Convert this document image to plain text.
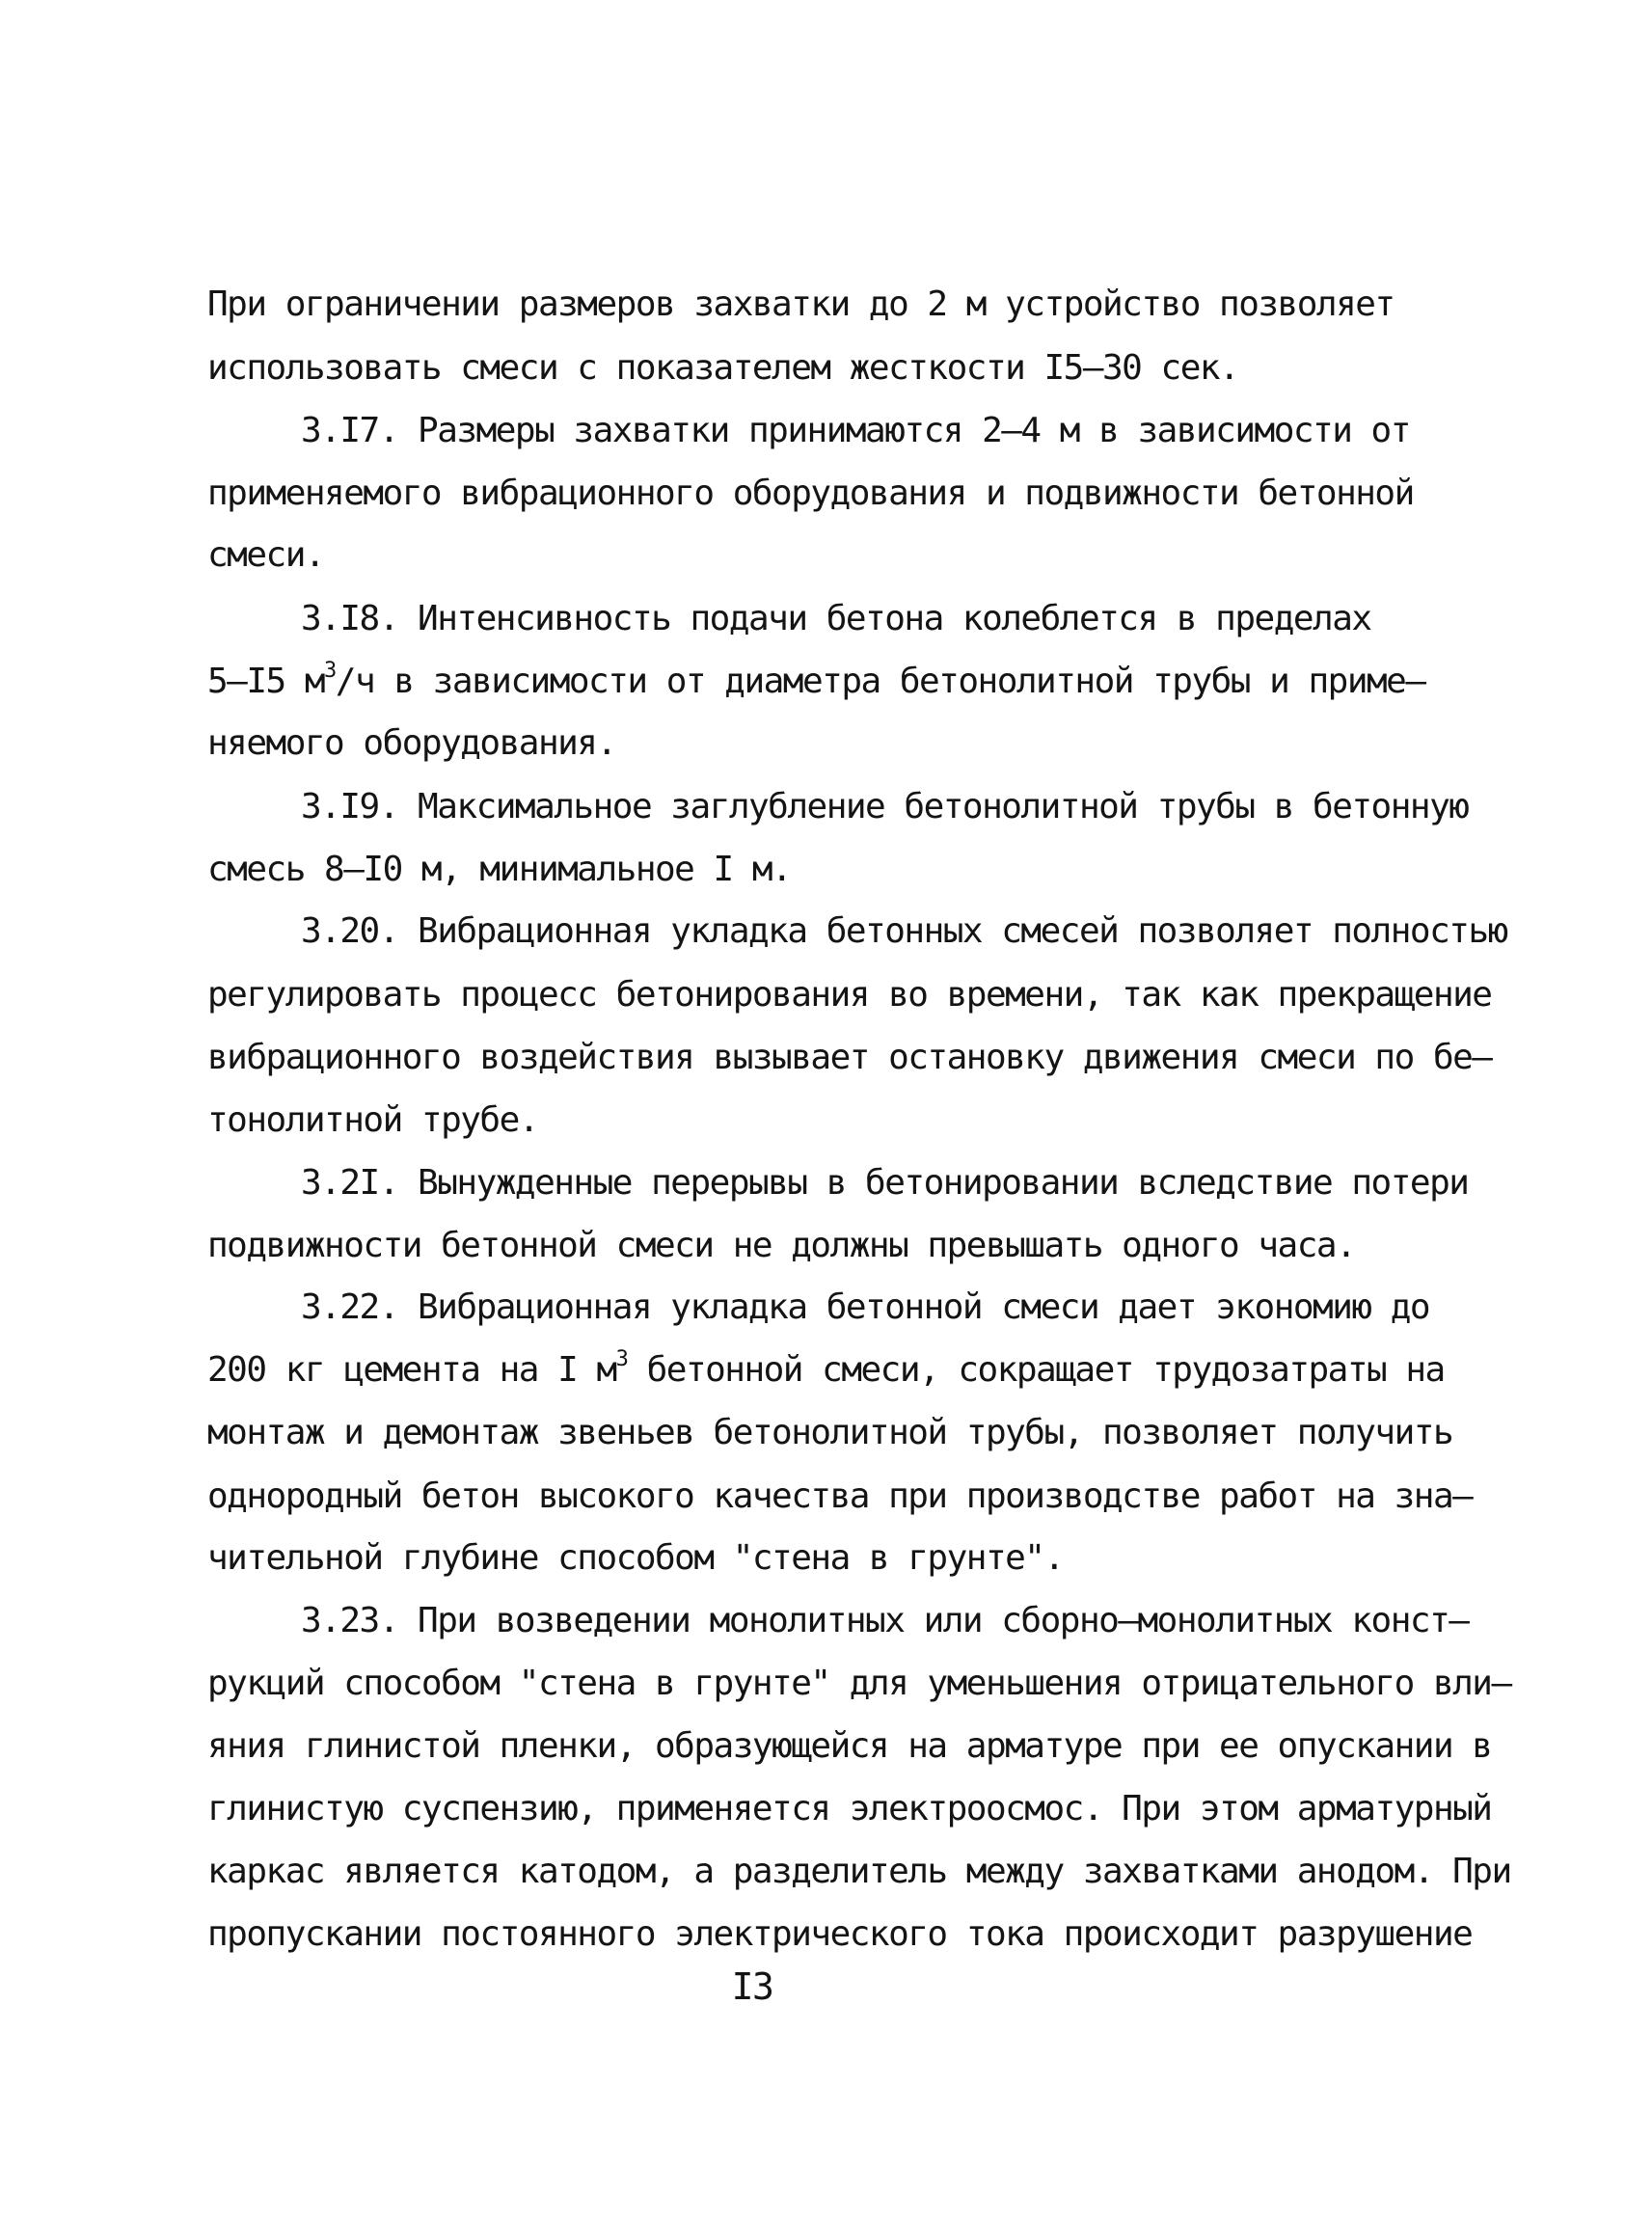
При ограничении размеров захватки до 2 м устройство позволяет
использовать смеси с показателем жесткости I5–30 сек.
3.I7. Размеры захватки принимаются 2–4 м в зависимости от
применяемого вибрационного оборудования и подвижности бетонной
смеси.
3.I8. Интенсивность подачи бетона колеблется в пределах
5–I5 $м^3/ч$ в зависимости от диаметра бетонолитной трубы и приме–
няемого оборудования.
3.I9. Максимальное заглубление бетонолитной трубы в бетонную
смесь 8–I0 м, минимальное I м.
3.20. Вибрационная укладка бетонных смесей позволяет полностью
регулировать процесс бетонирования во времени, так как прекращение
вибрационного воздействия вызывает остановку движения смеси по бе–
тонолитной трубе.
3.2I. Вынужденные перерывы в бетонировании вследствие потери
подвижности бетонной смеси не должны превышать одного часа.
3.22. Вибрационная укладка бетонной смеси дает экономию до
200 кг цемента на I $м^3$ бетонной смеси, сокращает трудозатраты на
монтаж и демонтаж звеньев бетонолитной трубы, позволяет получить
однородный бетон высокого качества при производстве работ на зна–
чительной глубине способом "стена в грунте".
3.23. При возведении монолитных или сборно–монолитных конст–
рукций способом "стена в грунте" для уменьшения отрицательного вли–
яния глинистой пленки, образующейся на арматуре при ее опускании в
глинистую суспензию, применяется электроосмос. При этом арматурный
каркас является катодом, а разделитель между захватками анодом. При
пропускании постоянного электрического тока происходит разрушение
I3
